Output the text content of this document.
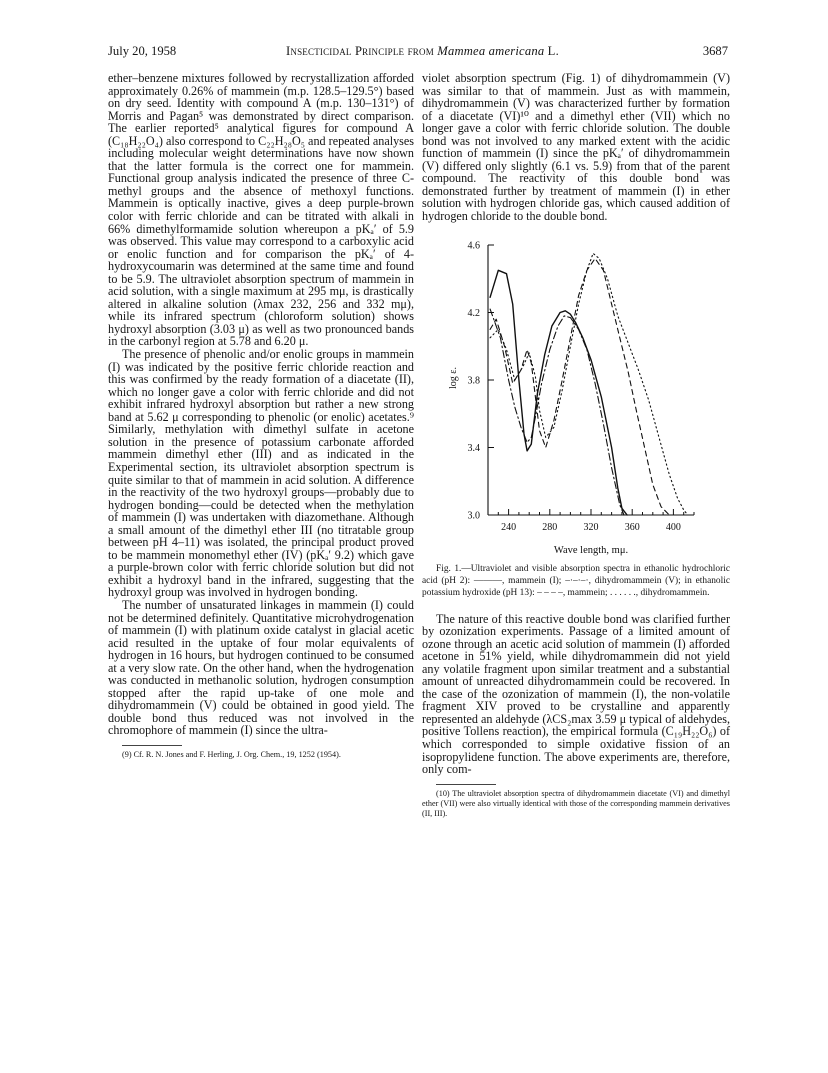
July 20, 1958	Insecticidal Principle from Mammea americana L.	3687

ether–benzene mixtures followed by recrystallization afforded approximately 0.26% of mammein (m.p. 128.5–129.5°) based on dry seed. Identity with compound A (m.p. 130–131°) of Morris and Pagan⁵ was demonstrated by direct comparison. The earlier reported⁵ analytical figures for compound A (C₁₈H₂₂O₄) also correspond to C₂₂H₂₈O₅ and repeated analyses including molecular weight determinations have now shown that the latter formula is the correct one for mammein. Functional group analysis indicated the presence of three C-methyl groups and the absence of methoxyl functions. Mammein is optically inactive, gives a deep purple-brown color with ferric chloride and can be titrated with alkali in 66% dimethylformamide solution whereupon a pKₐ′ of 5.9 was observed. This value may correspond to a carboxylic acid or enolic function and for comparison the pKₐ′ of 4-hydroxycoumarin was determined at the same time and found to be 5.9. The ultraviolet absorption spectrum of mammein in acid solution, with a single maximum at 295 mμ, is drastically altered in alkaline solution (λmax 232, 256 and 332 mμ), while its infrared spectrum (chloroform solution) shows hydroxyl absorption (3.03 μ) as well as two pronounced bands in the carbonyl region at 5.78 and 6.20 μ.

The presence of phenolic and/or enolic groups in mammein (I) was indicated by the positive ferric chloride reaction and this was confirmed by the ready formation of a diacetate (II), which no longer gave a color with ferric chloride and did not exhibit infrared hydroxyl absorption but rather a new strong band at 5.62 μ corresponding to phenolic (or enolic) acetates.⁹ Similarly, methylation with dimethyl sulfate in acetone solution in the presence of potassium carbonate afforded mammein dimethyl ether (III) and as indicated in the Experimental section, its ultraviolet absorption spectrum is quite similar to that of mammein in acid solution. A difference in the reactivity of the two hydroxyl groups—probably due to hydrogen bonding—could be detected when the methylation of mammein (I) was undertaken with diazomethane. Although a small amount of the dimethyl ether III (no titratable group between pH 4–11) was isolated, the principal product proved to be mammein monomethyl ether (IV) (pKₐ′ 9.2) which gave a purple-brown color with ferric chloride solution but did not exhibit a hydroxyl band in the infrared, suggesting that the hydroxyl group was involved in hydrogen bonding.

The number of unsaturated linkages in mammein (I) could not be determined definitely. Quantitative microhydrogenation of mammein (I) with platinum oxide catalyst in glacial acetic acid resulted in the uptake of four molar equivalents of hydrogen in 16 hours, but hydrogen continued to be consumed at a very slow rate. On the other hand, when the hydrogenation was conducted in methanolic solution, hydrogen consumption stopped after the rapid up-take of one mole and dihydromammein (V) could be obtained in good yield. The double bond thus reduced was not involved in the chromophore of mammein (I) since the ultra-

(9) Cf. R. N. Jones and F. Herling, J. Org. Chem., 19, 1252 (1954).

violet absorption spectrum (Fig. 1) of dihydromammein (V) was similar to that of mammein. Just as with mammein, dihydromammein (V) was characterized further by formation of a diacetate (VI)¹⁰ and a dimethyl ether (VII) which no longer gave a color with ferric chloride solution. The double bond was not involved to any marked extent with the acidic function of mammein (I) since the pKₐ′ of dihydromammein (V) differed only slightly (6.1 vs. 5.9) from that of the parent compound. The reactivity of this double bond was demonstrated further by treatment of mammein (I) in ether solution with hydrogen chloride gas, which caused addition of hydrogen chloride to the double bond.

3.0
3.4
3.8
4.2
4.6
240	280	320	360	400
log ε.
Wave length, mμ.

Fig. 1.—Ultraviolet and visible absorption spectra in ethanolic hydrochloric acid (pH 2): ———, mammein (I); –·–·–·, dihydromammein (V); in ethanolic potassium hydroxide (pH 13): – – – –, mammein; . . . . . ., dihydromammein.

The nature of this reactive double bond was clarified further by ozonization experiments. Passage of a limited amount of ozone through an acetic acid solution of mammein (I) afforded acetone in 51% yield, while dihydromammein did not yield any volatile fragment upon similar treatment and a substantial amount of unreacted dihydromammein could be recovered. In the case of the ozonization of mammein (I), the non-volatile fragment XIV proved to be crystalline and apparently represented an aldehyde (λCS₂max 3.59 μ typical of aldehydes, positive Tollens reaction), the empirical formula (C₁₉H₂₂O₆) of which corresponded to simple oxidative fission of an isopropylidene function. The above experiments are, therefore, only com-

(10) The ultraviolet absorption spectra of dihydromammein diacetate (VI) and dimethyl ether (VII) were also virtually identical with those of the corresponding mammein derivatives (II, III).
